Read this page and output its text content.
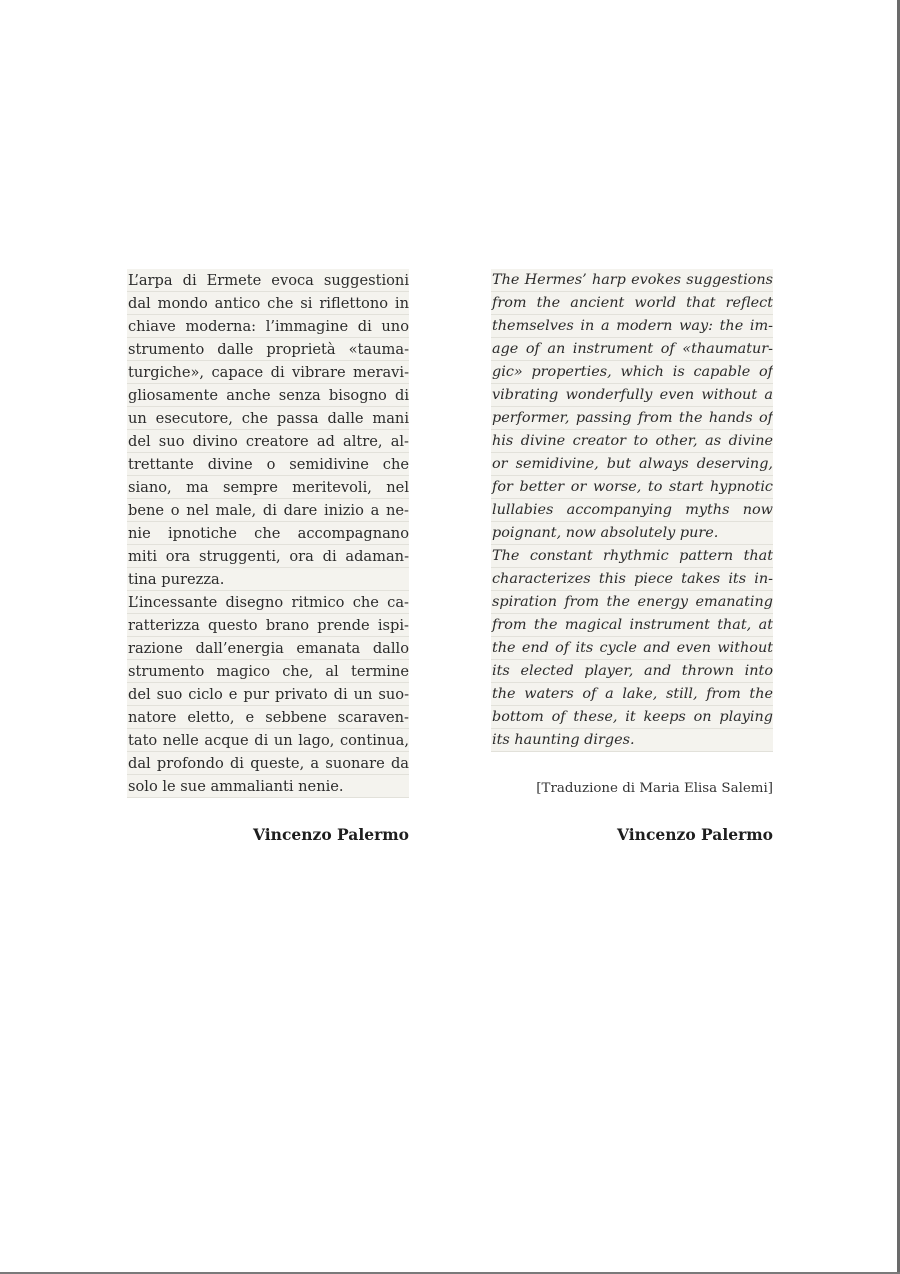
L’arpa di Ermete evoca suggestioni
dal mondo antico che si riflettono in
chiave moderna: l’immagine di uno
strumento dalle proprietà «tauma-
turgiche», capace di vibrare meravi-
gliosamente anche senza bisogno di
un esecutore, che passa dalle mani
del suo divino creatore ad altre, al-
trettante divine o semidivine che
siano, ma sempre meritevoli, nel
bene o nel male, di dare inizio a ne-
nie ipnotiche che accompagnano
miti ora struggenti, ora di adaman-
tina purezza.
L’incessante disegno ritmico che ca-
ratterizza questo brano prende ispi-
razione dall’energia emanata dallo
strumento magico che, al termine
del suo ciclo e pur privato di un suo-
natore eletto, e sebbene scaraven-
tato nelle acque di un lago, continua,
dal profondo di queste, a suonare da
solo le sue ammalianti nenie.
The Hermes’ harp evokes suggestions
from the ancient world that reflect
themselves in a modern way: the im-
age of an instrument of «thaumatur-
gic» properties, which is capable of
vibrating wonderfully even without a
performer, passing from the hands of
his divine creator to other, as divine
or semidivine, but always deserving,
for better or worse, to start hypnotic
lullabies accompanying myths now
poignant, now absolutely pure.
The constant rhythmic pattern that
characterizes this piece takes its in-
spiration from the energy emanating
from the magical instrument that, at
the end of its cycle and even without
its elected player, and thrown into
the waters of a lake, still, from the
bottom of these, it keeps on playing
its haunting dirges.
[Traduzione di Maria Elisa Salemi]
Vincenzo Palermo	Vincenzo Palermo
